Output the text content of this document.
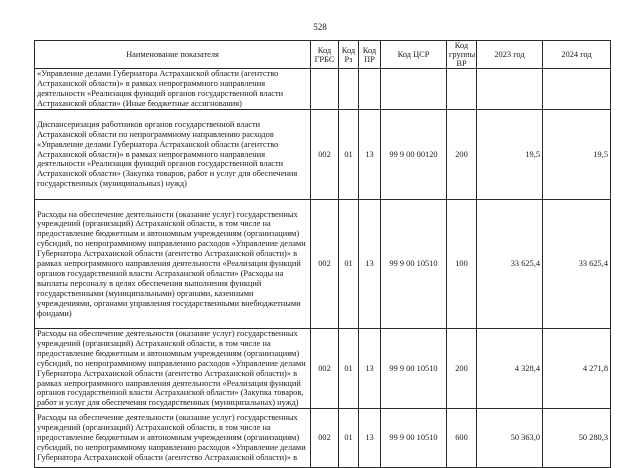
528
Наименование показателя	Код ГРБС	Код Рз	Код ПР	Код ЦСР	Код группы ВР	2023 год	2024 год
«Управление делами Губернатора Астраханской области (агентство Астраханской области)» в рамках непрограммного направления деятельности «Реализация функций органов государственной власти Астраханской области» (Иные бюджетные ассигнования)							
Диспансеризация работников органов государственной власти Астраханской области по непрограммному направлению расходов «Управление делами Губернатора Астраханской области (агентство Астраханской области)» в рамках непрограммного направления деятельности «Реализация функций органов государственной власти Астраханской области» (Закупка товаров, работ и услуг для обеспечения государственных (муниципальных) нужд)	002	01	13	99 9 00 00120	200	19,5	19,5
Расходы на обеспечение деятельности (оказание услуг) государственных учреждений (организаций) Астраханской области, в том числе на предоставление бюджетным и автономным учреждениям (организациям) субсидий, по непрограммному направлению расходов «Управление делами Губернатора Астраханской области (агентство Астраханской области)» в рамках непрограммного направления деятельности «Реализация функций органов государственной власти Астраханской области» (Расходы на выплаты персоналу в целях обеспечения выполнения функций государственными (муниципальными) органами, казенными учреждениями, органами управления государственными внебюджетными фондами)	002	01	13	99 9 00 10510	100	33 625,4	33 625,4
Расходы на обеспечение деятельности (оказание услуг) государственных учреждений (организаций) Астраханской области, в том числе на предоставление бюджетным и автономным учреждениям (организациям) субсидий, по непрограммному направлению расходов «Управление делами Губернатора Астраханской области (агентство Астраханской области)» в рамках непрограммного направления деятельности «Реализация функций органов государственной власти Астраханской области» (Закупка товаров, работ и услуг для обеспечения государственных (муниципальных) нужд)	002	01	13	99 9 00 10510	200	4 328,4	4 271,8
Расходы на обеспечение деятельности (оказание услуг) государственных учреждений (организаций) Астраханской области, в том числе на предоставление бюджетным и автономным учреждениям (организациям) субсидий, по непрограммному направлению расходов «Управление делами Губернатора Астраханской области (агентство Астраханской области)» в	002	01	13	99 9 00 10510	600	50 363,0	50 280,3
